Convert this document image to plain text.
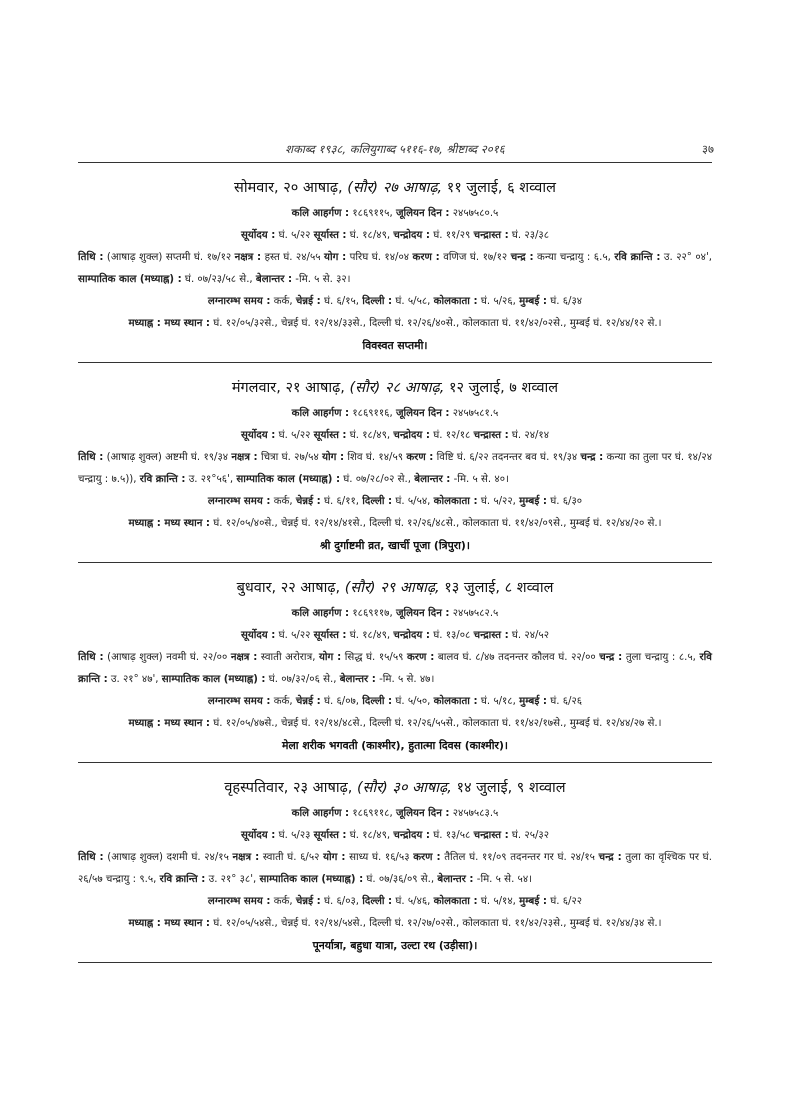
शकाब्द १९३८, कलियुगाब्द ५११६-१७, श्रीष्टाब्द २०१६	३७
सोमवार, २० आषाढ़, (सौर) २७ आषाढ़, ११ जुलाई, ६ शव्वाल
कलि आहर्गण : १८६९११५, जूलियन दिन : २४५७५८०.५
सूर्योदय : घं. ५/२२ सूर्यास्त : घं. १८/४९, चन्द्रोदय : घं. ११/२९ चन्द्रास्त : घं. २३/३८
तिथि : (आषाढ़ शुक्ल) सप्तमी घं. १७/१२ नक्षत्र : हस्त घं. २४/५५ योग : परिघ घं. १४/०४ करण : वणिज घं. १७/१२ चन्द्र : कन्या चन्द्रायु : ६.५, रवि क्रान्ति : उ. २२° ०४', साम्पातिक काल (मध्याह्न) : घं. ०७/२३/५८ से., बेलान्तर : -मि. ५ से. ३२।
लग्नारम्भ समय : कर्क, चेन्नई : घं. ६/१५, दिल्ली : घं. ५/५८, कोलकाता : घं. ५/२६, मुम्बई : घं. ६/३४
मध्याह्न : मध्य स्थान : घं. १२/०५/३२से., चेन्नई घं. १२/१४/३३से., दिल्ली घं. १२/२६/४०से., कोलकाता घं. ११/४२/०२से., मुम्बई घं. १२/४४/१२ से.।
विवस्वत सप्तमी।
मंगलवार, २१ आषाढ़, (सौर) २८ आषाढ़, १२ जुलाई, ७ शव्वाल
कलि आहर्गण : १८६९११६, जूलियन दिन : २४५७५८१.५
सूर्योदय : घं. ५/२२ सूर्यास्त : घं. १८/४९, चन्द्रोदय : घं. १२/१८ चन्द्रास्त : घं. २४/१४
तिथि : (आषाढ़ शुक्ल) अष्टमी घं. १९/३४ नक्षत्र : चित्रा घं. २७/५४ योग : शिव घं. १४/५९ करण : विष्टि घं. ६/२२ तदनन्तर बव घं. १९/३४ चन्द्र : कन्या का तुला पर घं. १४/२४ चन्द्रायु : ७.५)), रवि क्रान्ति : उ. २१°५६', साम्पातिक काल (मध्याह्न) : घं. ०७/२८/०२ से., बेलान्तर : -मि. ५ से. ४०।
लग्नारम्भ समय : कर्क, चेन्नई : घं. ६/११, दिल्ली : घं. ५/५४, कोलकाता : घं. ५/२२, मुम्बई : घं. ६/३०
मध्याह्न : मध्य स्थान : घं. १२/०५/४०से., चेन्नई घं. १२/१४/४१से., दिल्ली घं. १२/२६/४८से., कोलकाता घं. ११/४२/०९से., मुम्बई घं. १२/४४/२० से.।
श्री दुर्गाष्टमी व्रत, खार्ची पूजा (त्रिपुरा)।
बुधवार, २२ आषाढ़, (सौर) २९ आषाढ़, १३ जुलाई, ८ शव्वाल
कलि आहर्गण : १८६९११७, जूलियन दिन : २४५७५८२.५
सूर्योदय : घं. ५/२२ सूर्यास्त : घं. १८/४९, चन्द्रोदय : घं. १३/०८ चन्द्रास्त : घं. २४/५२
तिथि : (आषाढ़ शुक्ल) नवमी घं. २२/०० नक्षत्र : स्वाती अरोरात्र, योग : सिद्ध घं. १५/५९ करण : बालव घं. ८/४७ तदनन्तर कौलव घं. २२/०० चन्द्र : तुला चन्द्रायु : ८.५, रवि क्रान्ति : उ. २१° ४७', साम्पातिक काल (मध्याह्न) : घं. ०७/३२/०६ से., बेलान्तर : -मि. ५ से. ४७।
लग्नारम्भ समय : कर्क, चेन्नई : घं. ६/०७, दिल्ली : घं. ५/५०, कोलकाता : घं. ५/१८, मुम्बई : घं. ६/२६
मध्याह्न : मध्य स्थान : घं. १२/०५/४७से., चेन्नई घं. १२/१४/४८से., दिल्ली घं. १२/२६/५५से., कोलकाता घं. ११/४२/१७से., मुम्बई घं. १२/४४/२७ से.।
मेला शरीक भगवती (काश्मीर), हुतात्मा दिवस (काश्मीर)।
वृहस्पतिवार, २३ आषाढ़, (सौर) ३० आषाढ़, १४ जुलाई, ९ शव्वाल
कलि आहर्गण : १८६९११८, जूलियन दिन : २४५७५८३.५
सूर्योदय : घं. ५/२३ सूर्यास्त : घं. १८/४९, चन्द्रोदय : घं. १३/५८ चन्द्रास्त : घं. २५/३२
तिथि : (आषाढ़ शुक्ल) दशमी घं. २४/१५ नक्षत्र : स्वाती घं. ६/५२ योग : साध्य घं. १६/५३ करण : तैतिल घं. ११/०९ तदनन्तर गर घं. २४/१५ चन्द्र : तुला का वृश्चिक पर घं. २६/५७ चन्द्रायु : ९.५, रवि क्रान्ति : उ. २१° ३८', साम्पातिक काल (मध्याह्न) : घं. ०७/३६/०९ से., बेलान्तर : -मि. ५ से. ५४।
लग्नारम्भ समय : कर्क, चेन्नई : घं. ६/०३, दिल्ली : घं. ५/४६, कोलकाता : घं. ५/१४, मुम्बई : घं. ६/२२
मध्याह्न : मध्य स्थान : घं. १२/०५/५४से., चेन्नई घं. १२/१४/५४से., दिल्ली घं. १२/२७/०२से., कोलकाता घं. ११/४२/२३से., मुम्बई घं. १२/४४/३४ से.।
पूनर्यात्रा, बहुधा यात्रा, उल्टा रथ (उड़ीसा)।
